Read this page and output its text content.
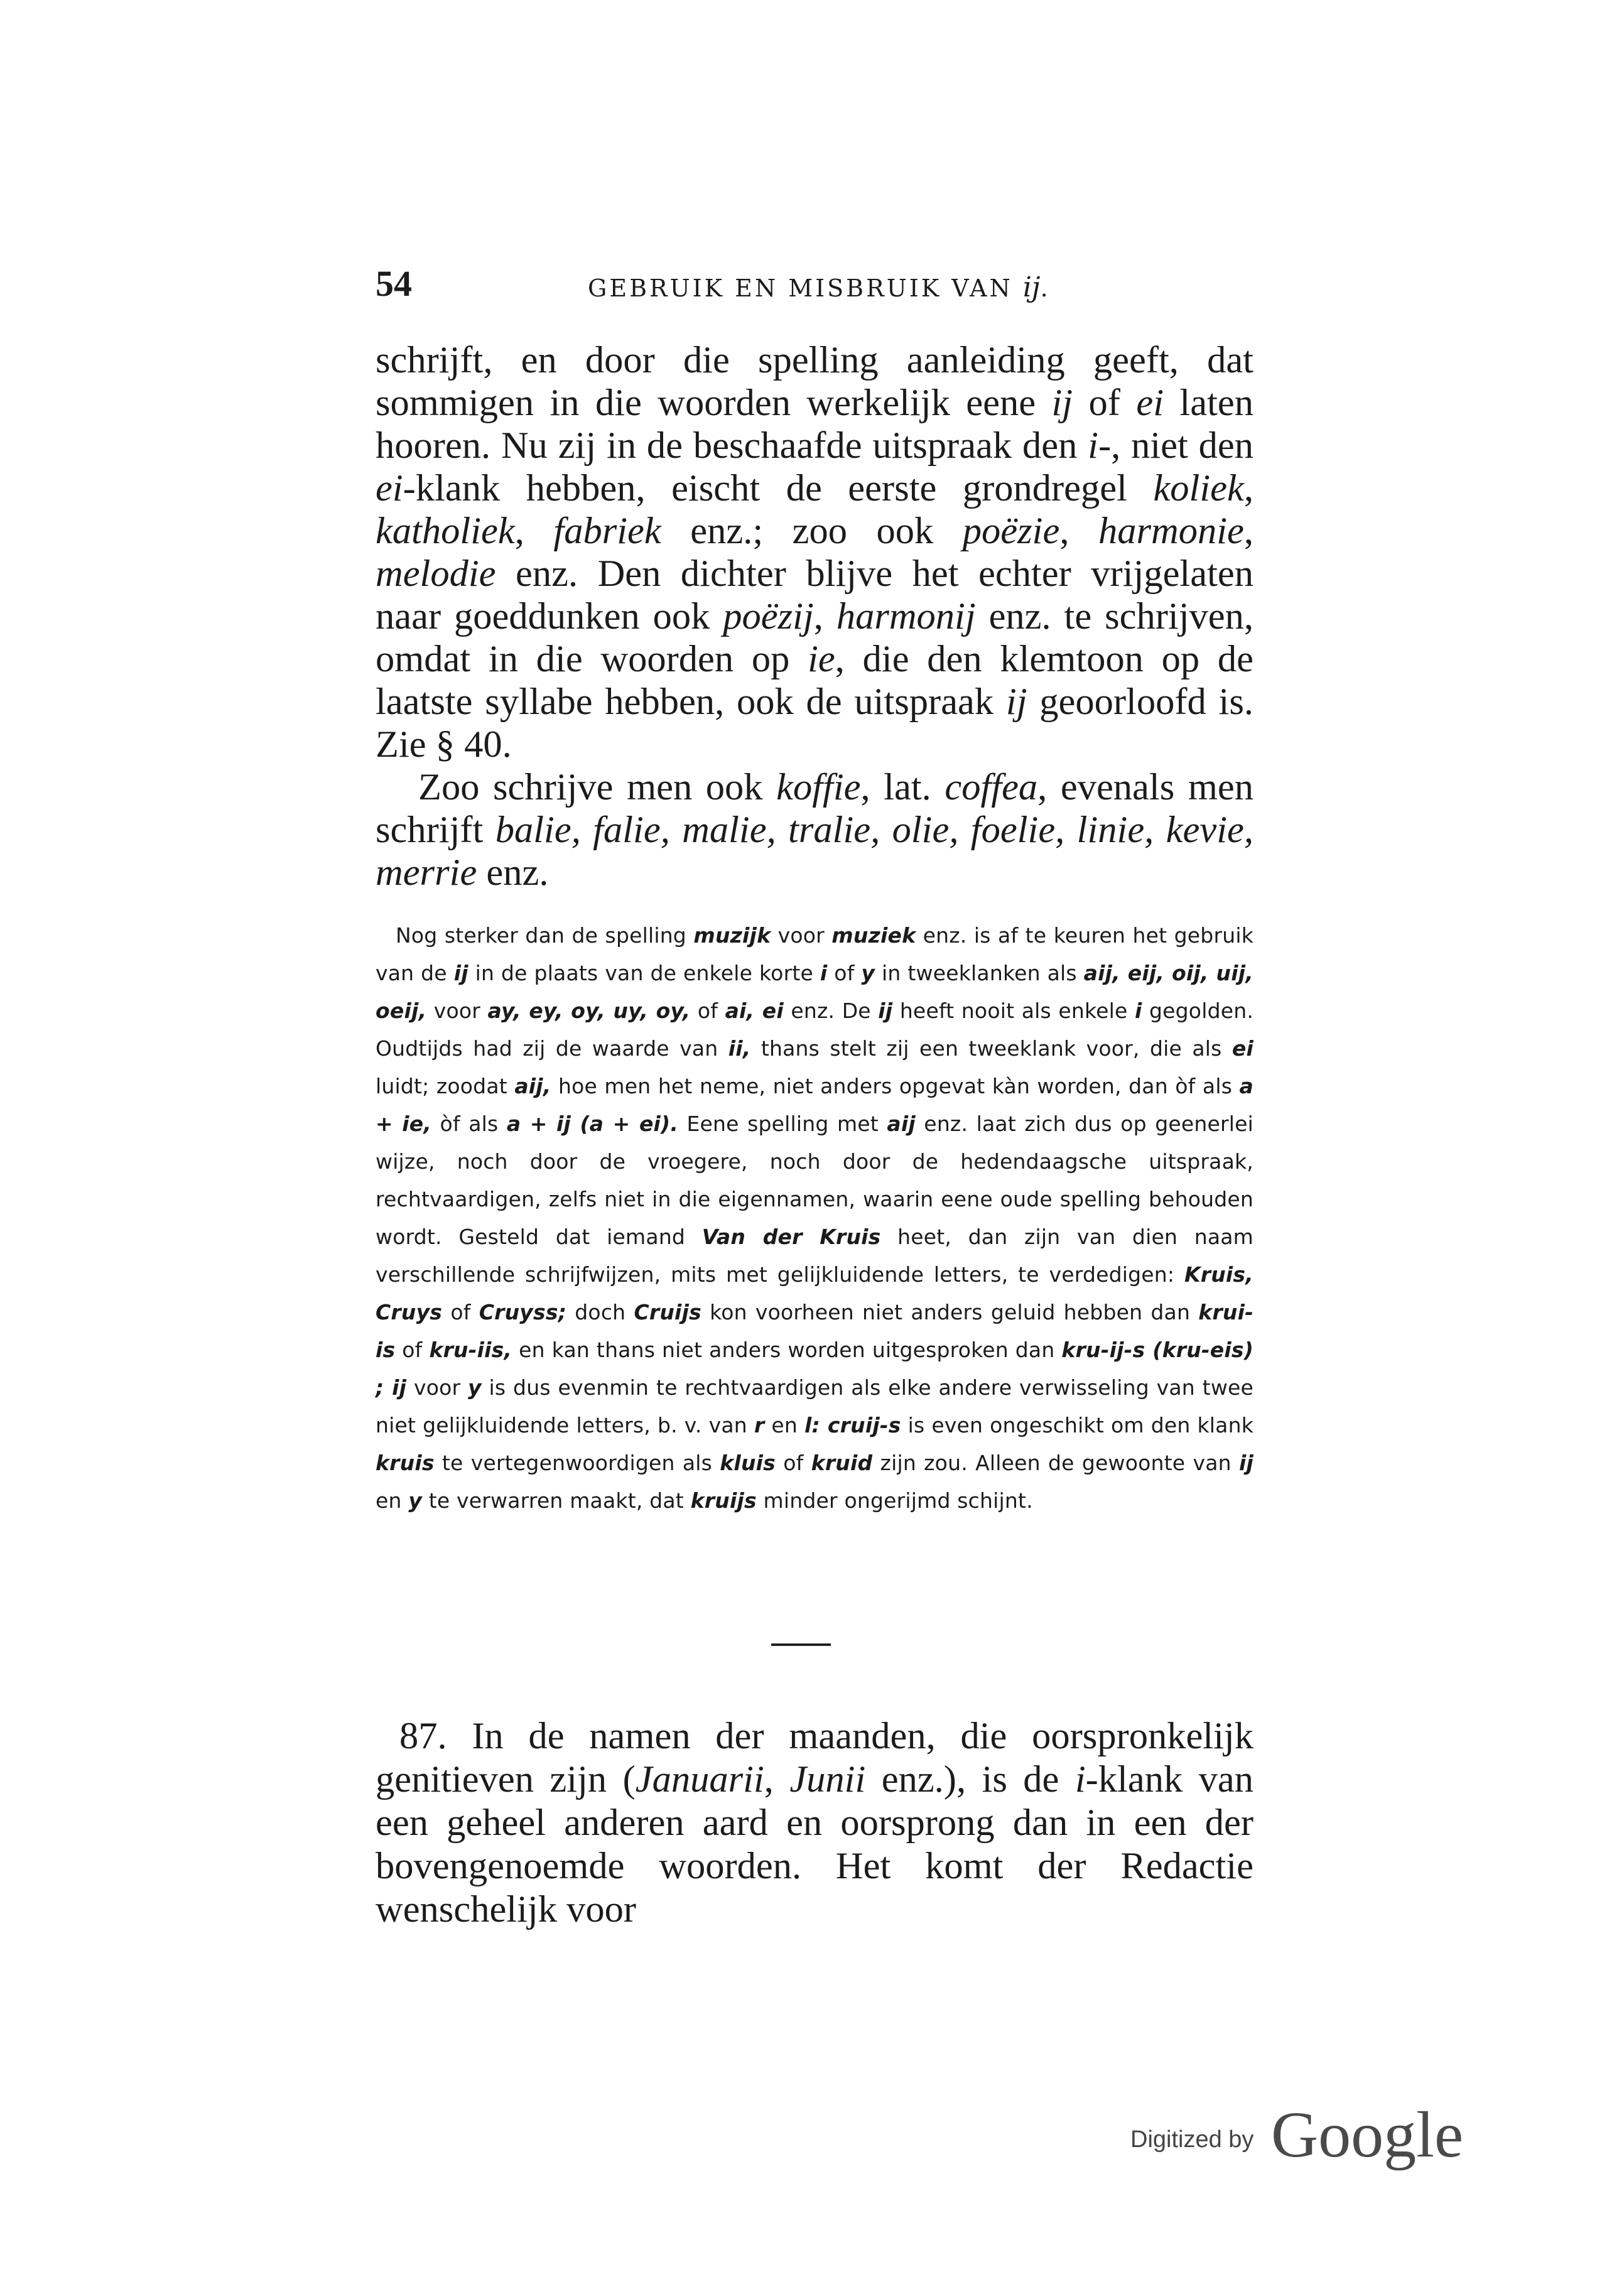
54	GEBRUIK EN MISBRUIK VAN ij.

schrijft, en door die spelling aanleiding geeft, dat sommigen in die woorden werkelijk eene ij of ei laten hooren. Nu zij in de beschaafde uitspraak den i-, niet den ei-klank hebben, eischt de eerste grondregel koliek, katholiek, fabriek enz.; zoo ook poëzie, harmonie, melodie enz. Den dichter blijve het echter vrijgelaten naar goeddunken ook poëzij, harmonij enz. te schrijven, omdat in die woorden op ie, die den klemtoon op de laatste syllabe hebben, ook de uitspraak ij geoorloofd is. Zie § 40.

Zoo schrijve men ook koffie, lat. coffea, evenals men schrijft balie, falie, malie, tralie, olie, foelie, linie, kevie, merrie enz.

Nog sterker dan de spelling muzijk voor muziek enz. is af te keuren het gebruik van de ij in de plaats van de enkele korte i of y in tweeklanken als aij, eij, oij, uij, oeij, voor ay, ey, oy, uy, oy, of ai, ei enz. De ij heeft nooit als enkele i gegolden. Oudtijds had zij de waarde van ii, thans stelt zij een tweeklank voor, die als ei luidt; zoodat aij, hoe men het neme, niet anders opgevat kàn worden, dan òf als a + ie, òf als a + ij (a + ei). Eene spelling met aij enz. laat zich dus op geenerlei wijze, noch door de vroegere, noch door de hedendaagsche uitspraak, rechtvaardigen, zelfs niet in die eigennamen, waarin eene oude spelling behouden wordt. Gesteld dat iemand Van der Kruis heet, dan zijn van dien naam verschillende schrijfwijzen, mits met gelijkluidende letters, te verdedigen: Kruis, Cruys of Cruyss; doch Cruijs kon voorheen niet anders geluid hebben dan krui-is of kru-iis, en kan thans niet anders worden uitgesproken dan kru-ij-s (kru-eis) ; ij voor y is dus evenmin te rechtvaardigen als elke andere verwisseling van twee niet gelijkluidende letters, b. v. van r en l: cruij-s is even ongeschikt om den klank kruis te vertegenwoordigen als kluis of kruid zijn zou. Alleen de gewoonte van ij en y te verwarren maakt, dat kruijs minder ongerijmd schijnt.

87. In de namen der maanden, die oorspronkelijk genitieven zijn (Januarii, Junii enz.), is de i-klank van een geheel anderen aard en oorsprong dan in een der bovengenoemde woorden. Het komt der Redactie wenschelijk voor

Digitized by Google
